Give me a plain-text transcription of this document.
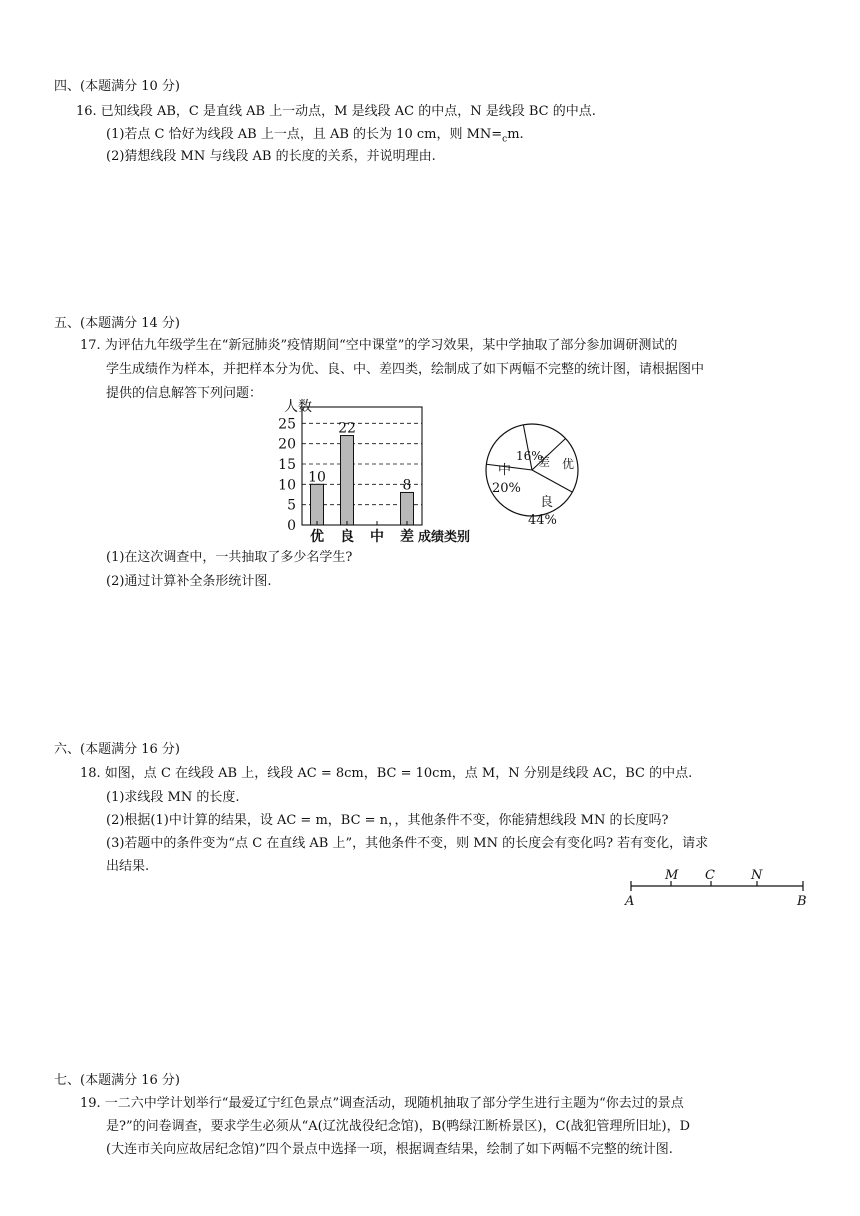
四、(本题满分 10 分)
16. 已知线段 AB，C 是直线 AB 上一动点，M 是线段 AC 的中点，N 是线段 BC 的中点.
(1)若点 C 恰好为线段 AB 上一点，且 AB 的长为 10 cm，则 $MN=_cm$.
(2)猜想线段 MN 与线段 AB 的长度的关系，并说明理由.
五、(本题满分 14 分)
17. 为评估九年级学生在“新冠肺炎”疫情期间“空中课堂”的学习效果，某中学抽取了部分参加调研测试的
学生成绩作为样本，并把样本分为优、良、中、差四类，绘制成了如下两幅不完整的统计图，请根据图中
提供的信息解答下列问题：
人数
0
5
10
15
20
25
10
优
22
良 中
8
差 成绩类别
16%
差 优
良
44%
中
20%
(1)在这次调查中，一共抽取了多少名学生?
(2)通过计算补全条形统计图.
六、(本题满分 16 分)
18. 如图，点 C 在线段 AB 上，线段 AC = 8cm，BC = 10cm，点 M，N 分别是线段 AC，BC 的中点.
(1)求线段 MN 的长度.
(2)根据(1)中计算的结果，设 AC = m，BC = n，，其他条件不变，你能猜想线段 MN 的长度吗?
(3)若题中的条件变为“点 C 在直线 AB 上”，其他条件不变，则 MN 的长度会有变化吗? 若有变化，请求
出结果.
M C	N
A	B
七、(本题满分 16 分)
19. 一二六中学计划举行“最爱辽宁红色景点”调查活动，现随机抽取了部分学生进行主题为“你去过的景点
是?”的问卷调查，要求学生必须从“A(辽沈战役纪念馆)，B(鸭绿江断桥景区)，C(战犯管理所旧址)，D
(大连市关向应故居纪念馆)”四个景点中选择一项，根据调查结果，绘制了如下两幅不完整的统计图.
